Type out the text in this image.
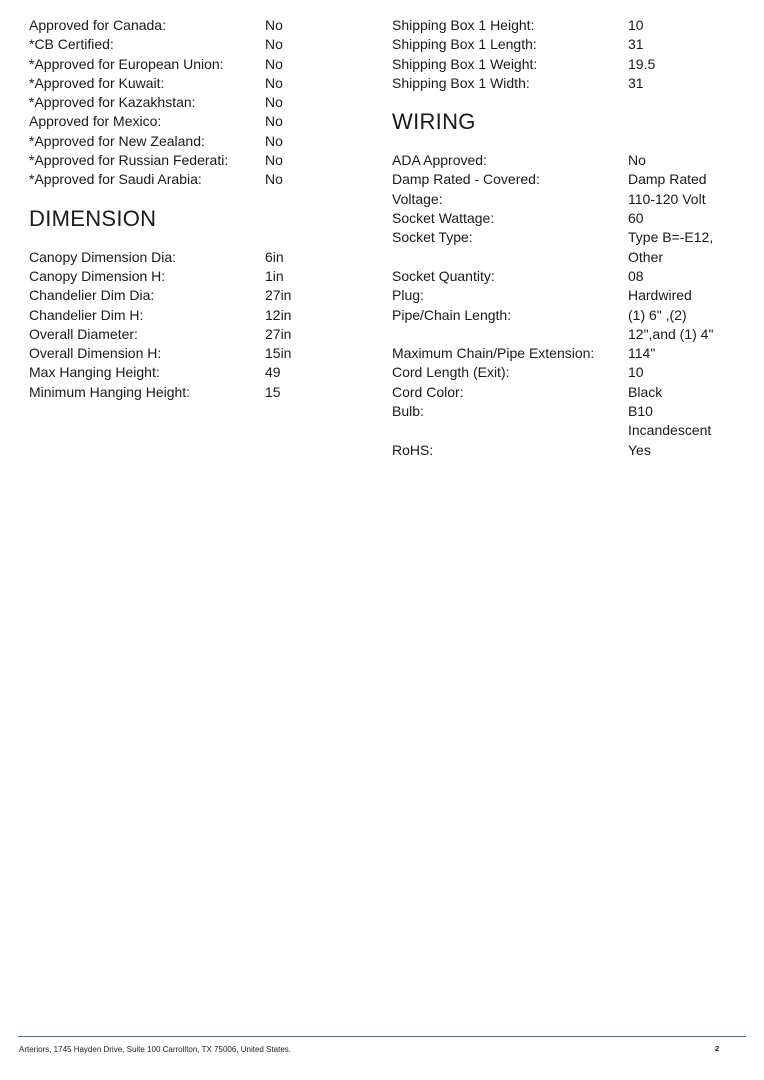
Approved for Canada:	No
*CB Certified:	No
*Approved for European Union:	No
*Approved for Kuwait:	No
*Approved for Kazakhstan:	No
Approved for Mexico:	No
*Approved for New Zealand:	No
*Approved for Russian Federati:	No
*Approved for Saudi Arabia:	No
DIMENSION
Canopy Dimension Dia:	6in
Canopy Dimension H:	1in
Chandelier Dim Dia:	27in
Chandelier Dim H:	12in
Overall Diameter:	27in
Overall Dimension H:	15in
Max Hanging Height:	49
Minimum Hanging Height:	15
Shipping Box 1 Height:	10
Shipping Box 1 Length:	31
Shipping Box 1 Weight:	19.5
Shipping Box 1 Width:	31
WIRING
ADA Approved:	No
Damp Rated - Covered:	Damp Rated
Voltage:	110-120 Volt
Socket Wattage:	60
Socket Type:	Type B=-E12,
Other
Socket Quantity:	08
Plug:	Hardwired
Pipe/Chain Length:	(1) 6" ,(2)
12",and (1) 4"
Maximum Chain/Pipe Extension:	114"
Cord Length (Exit):	10
Cord Color:	Black
Bulb:	B10
Incandescent
RoHS:	Yes
Arteriors, 1745 Hayden Drive, Suite 100 Carrollton, TX 75006, United States.	2
